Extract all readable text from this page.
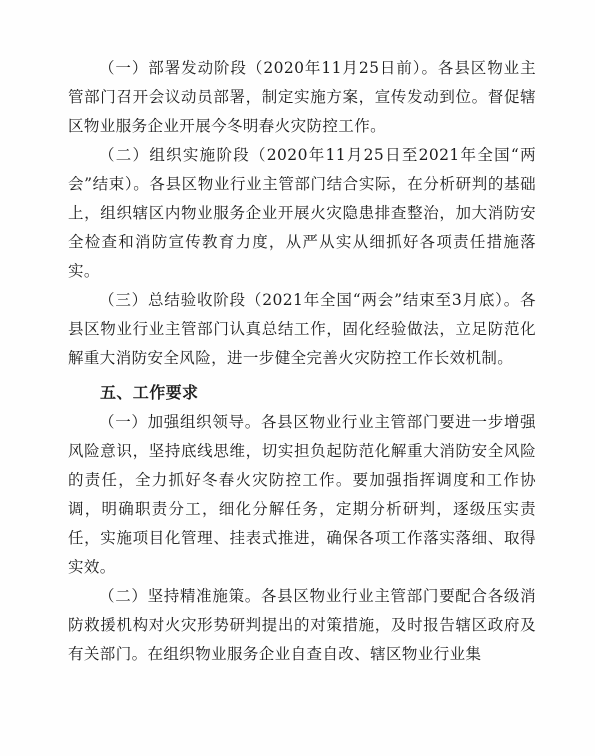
（一）部署发动阶段（2020年11月25日前）。各县区物业主管部门召开会议动员部署，制定实施方案，宣传发动到位。督促辖区物业服务企业开展今冬明春火灾防控工作。

（二）组织实施阶段（2020年11月25日至2021年全国“两会”结束）。各县区物业行业主管部门结合实际，在分析研判的基础上，组织辖区内物业服务企业开展火灾隐患排查整治，加大消防安全检查和消防宣传教育力度，从严从实从细抓好各项责任措施落实。

（三）总结验收阶段（2021年全国“两会”结束至3月底）。各县区物业行业主管部门认真总结工作，固化经验做法，立足防范化解重大消防安全风险，进一步健全完善火灾防控工作长效机制。

五、工作要求

（一）加强组织领导。各县区物业行业主管部门要进一步增强风险意识，坚持底线思维，切实担负起防范化解重大消防安全风险的责任，全力抓好冬春火灾防控工作。要加强指挥调度和工作协调，明确职责分工，细化分解任务，定期分析研判，逐级压实责任，实施项目化管理、挂表式推进，确保各项工作落实落细、取得实效。

（二）坚持精准施策。各县区物业行业主管部门要配合各级消防救援机构对火灾形势研判提出的对策措施，及时报告辖区政府及有关部门。在组织物业服务企业自查自改、辖区物业行业集
